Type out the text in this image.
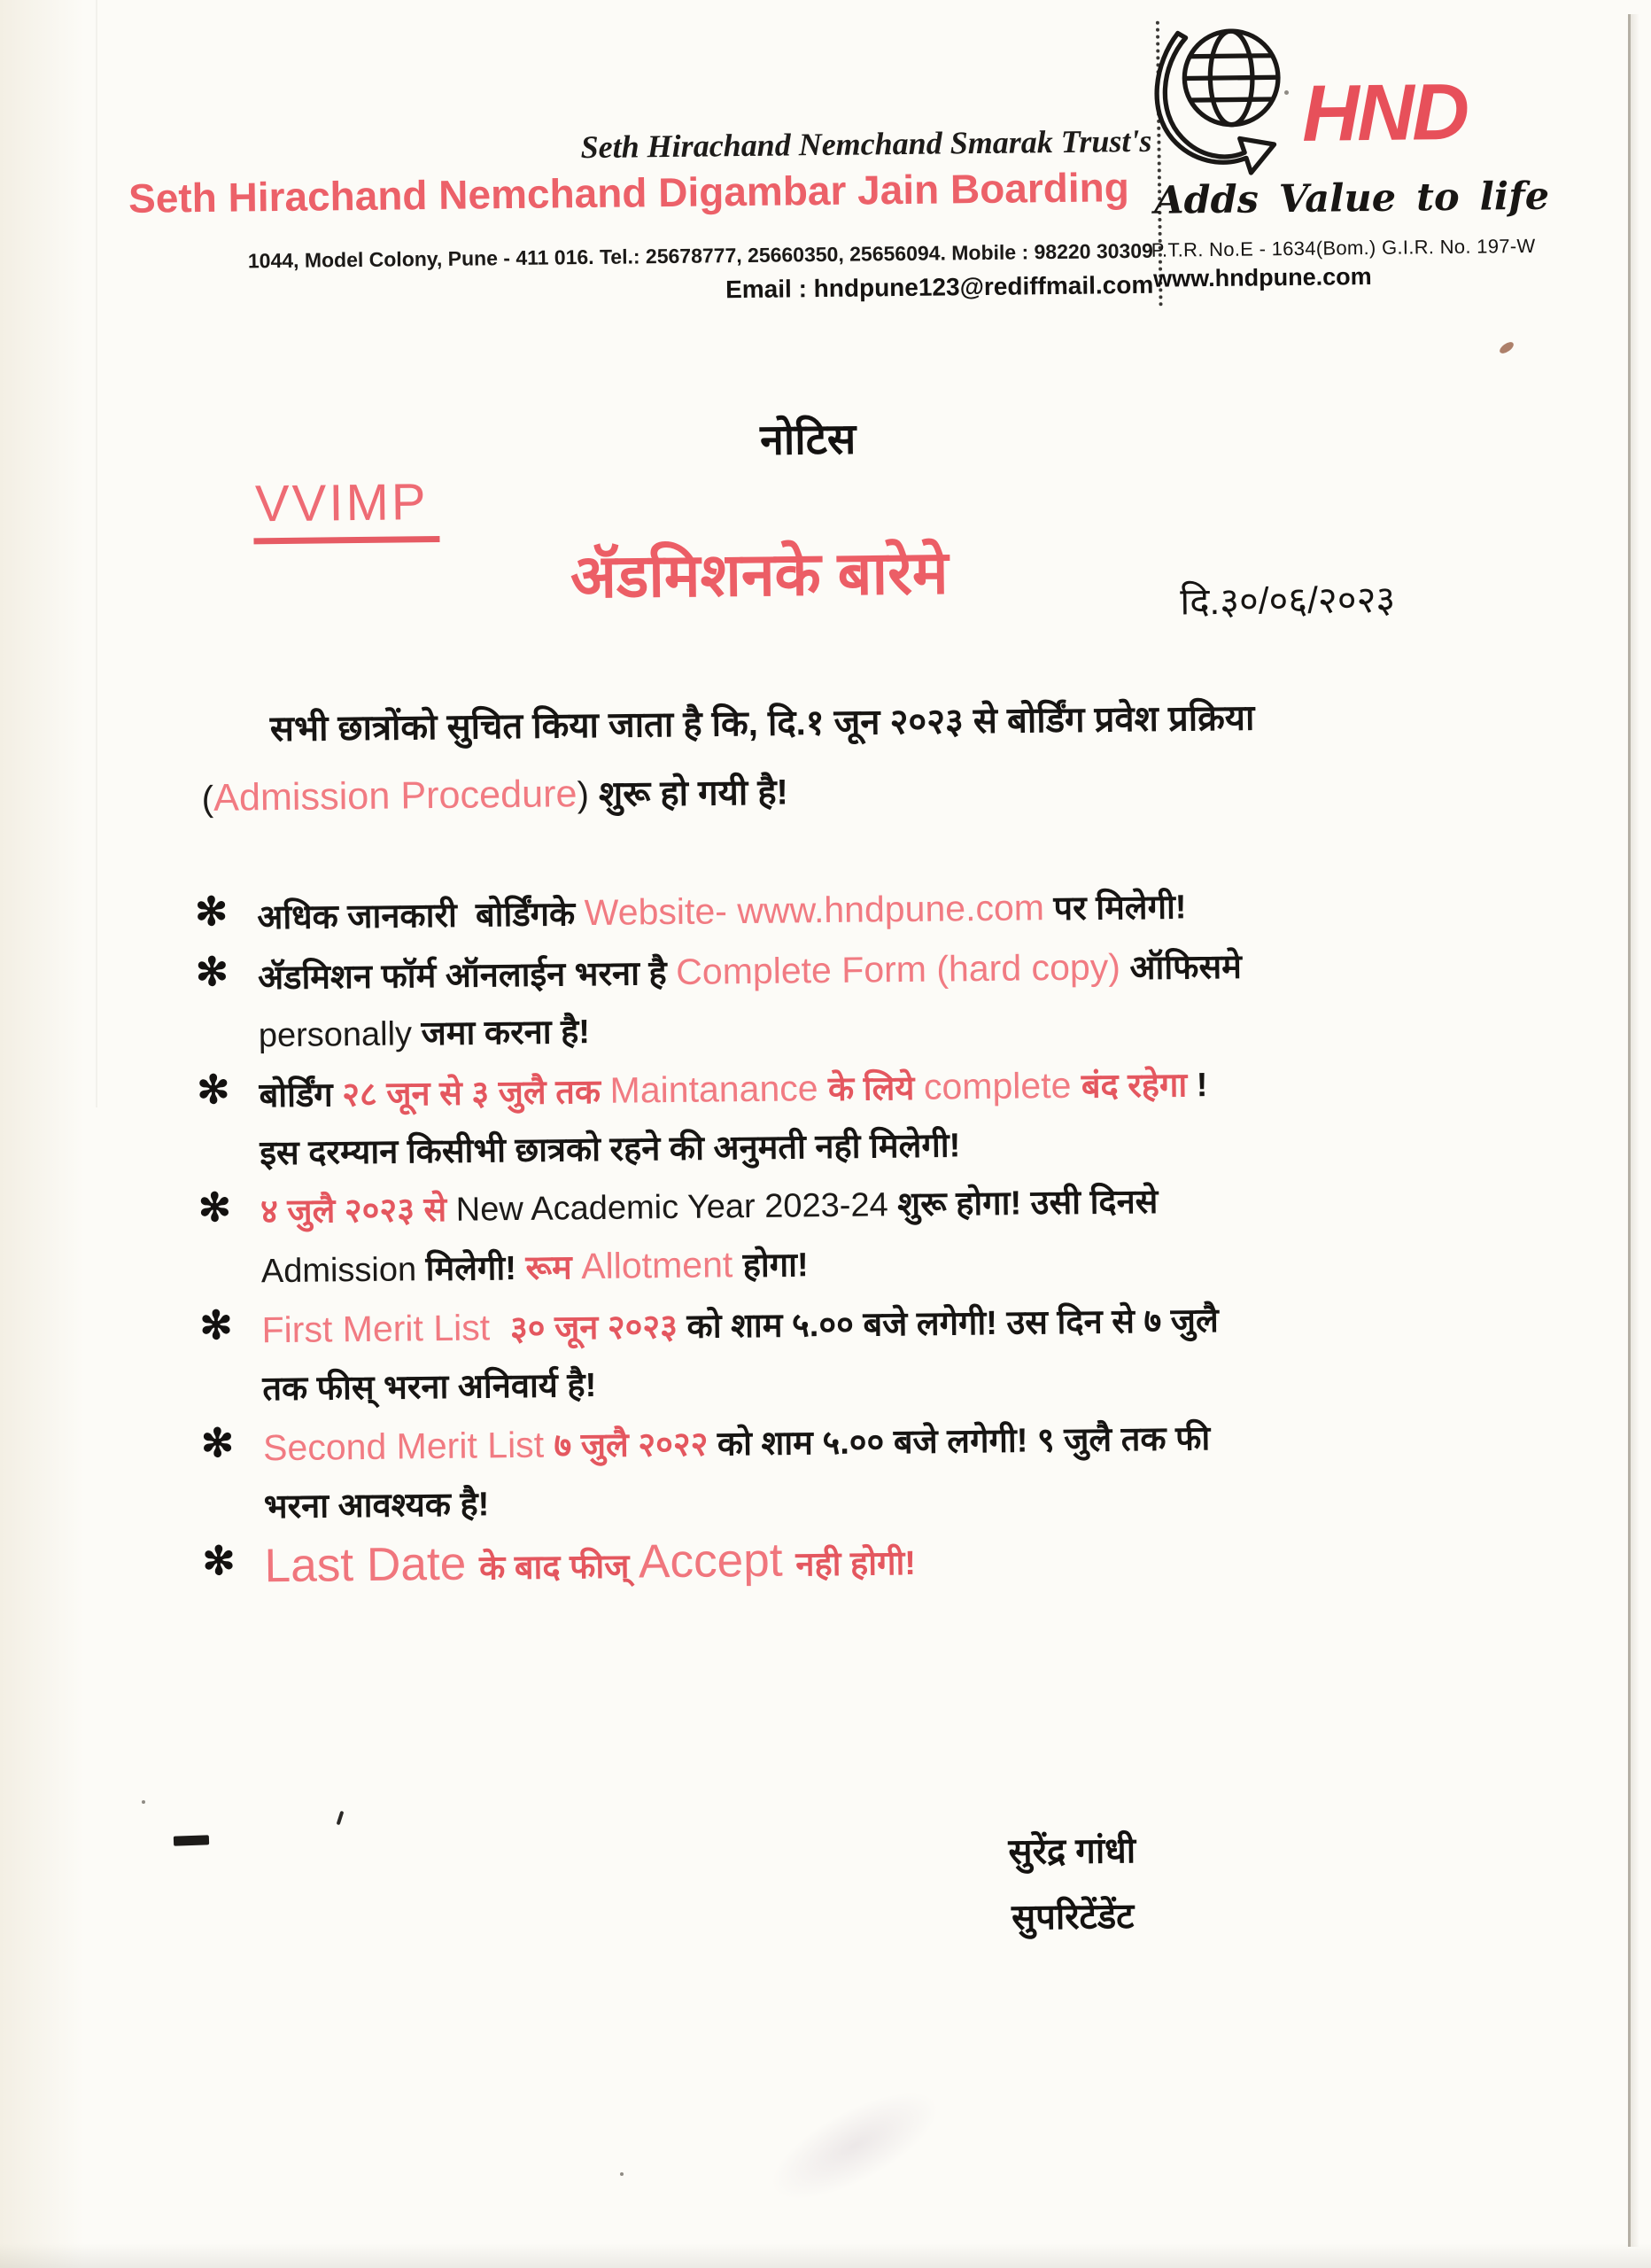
Seth Hirachand Nemchand Smarak Trust's
Seth Hirachand Nemchand Digambar Jain Boarding
1044, Model Colony, Pune - 411 016. Tel.: 25678777, 25660350, 25656094. Mobile : 98220 30309
Email : hndpune123@rediffmail.com
HND
Adds Value to life
P.T.R. No.E - 1634(Bom.) G.I.R. No. 197-W
www.hndpune.com
नोटिस
VVIMP
ॲडमिशनके बारेमे	दि.३०/०६/२०२३
सभी छात्रोंको सुचित किया जाता है कि, दि.१ जून २०२३ से बोर्डिंग प्रवेश प्रक्रिया
(Admission Procedure) शुरू हो गयी है!
✻ अधिक जानकारी  बोर्डिंगके Website- www.hndpune.com पर मिलेगी!
✻ ॲडमिशन फॉर्म ऑनलाईन भरना है Complete Form (hard copy) ऑफिसमे
personally जमा करना है!
✻ बोर्डिंग २८ जून से ३ जुलै तक Maintanance के लिये complete बंद रहेगा !
इस दरम्यान किसीभी छात्रको रहने की अनुमती नही मिलेगी!
✻ ४ जुलै २०२३ से New Academic Year 2023-24 शुरू होगा! उसी दिनसे
Admission मिलेगी! रूम Allotment होगा!
✻ First Merit List  ३० जून २०२३ को शाम ५.०० बजे लगेगी! उस दिन से ७ जुलै
तक फीस् भरना अनिवार्य है!
✻ Second Merit List ७ जुलै २०२२ को शाम ५.०० बजे लगेगी! ९ जुलै तक फी
भरना आवश्यक है!
✻ Last Date के बाद फीज् Accept नही होगी!
सुरेंद्र गांधी
सुपरिटेंडेंट
